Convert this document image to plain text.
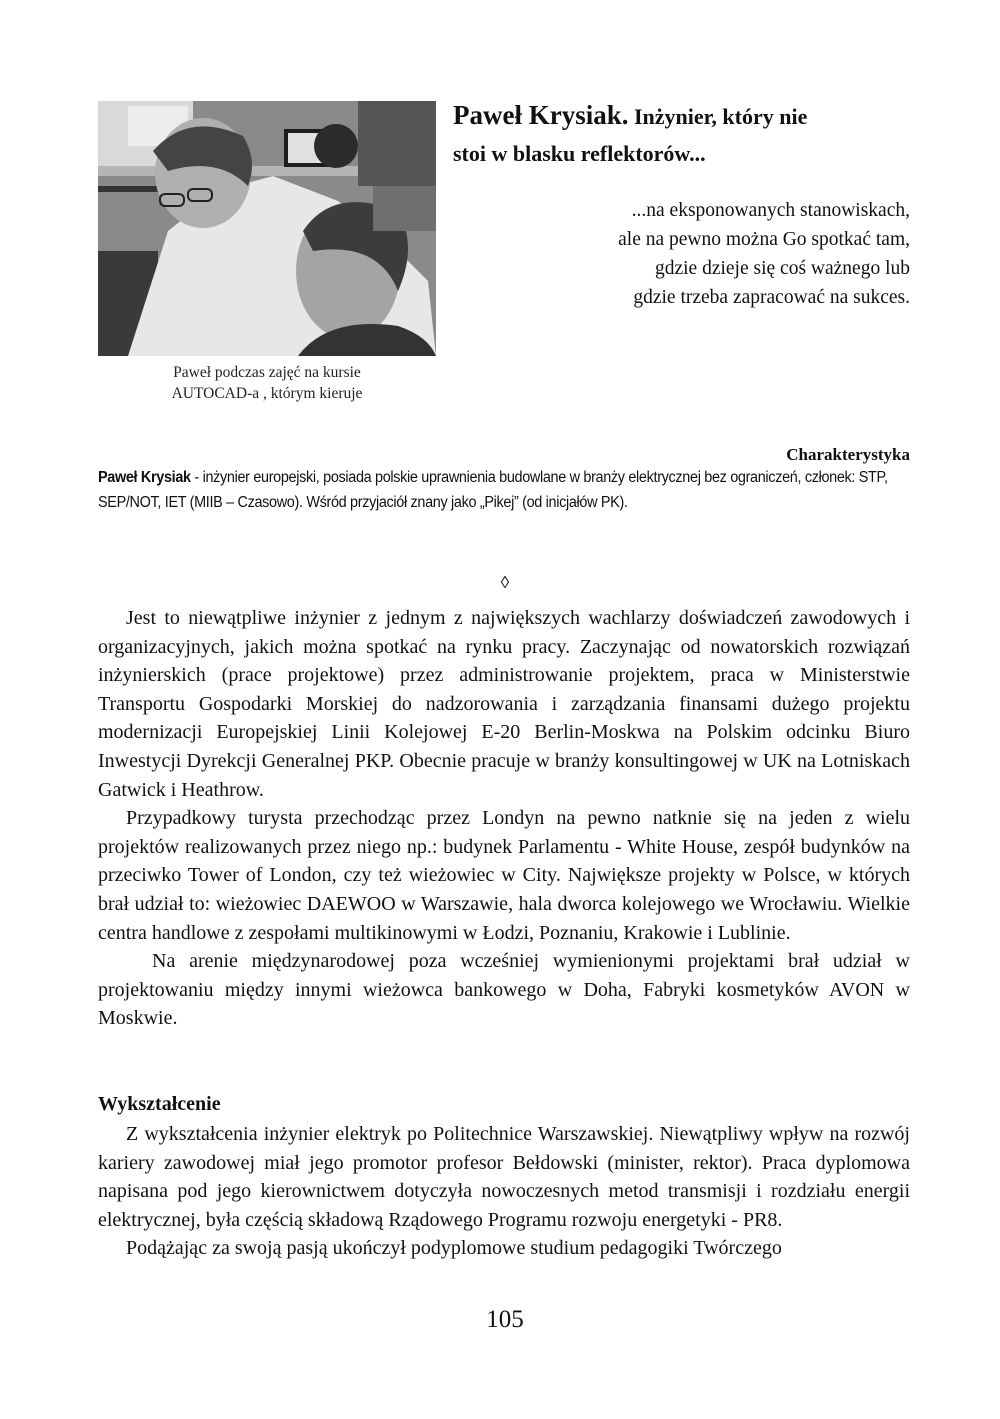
Paweł podczas zajęć na kursie
AUTOCAD-a , którym kieruje
Paweł Krysiak. Inżynier, który nie
stoi w blasku reflektorów...
...na eksponowanych stanowiskach,
ale na pewno można Go spotkać tam,
gdzie dzieje się coś ważnego lub
gdzie trzeba zapracować na sukces.
Charakterystyka
Paweł Krysiak - inżynier europejski, posiada polskie uprawnienia budowlane w branży elektrycznej bez ograniczeń, członek: STP, SEP/NOT, IET (MIIB – Czasowo). Wśród przyjaciół znany jako „Pikej” (od inicjałów PK).
◊

Jest to niewątpliwe inżynier z jednym z największych wachlarzy doświadczeń zawodowych i organizacyjnych, jakich można spotkać na rynku pracy. Zaczynając od nowatorskich rozwiązań inżynierskich (prace projektowe) przez administrowanie projektem, praca w Ministerstwie Transportu Gospodarki Morskiej do nadzorowania i zarządzania finansami dużego projektu modernizacji Europejskiej Linii Kolejowej E-20 Berlin-Moskwa na Polskim odcinku Biuro Inwestycji Dyrekcji Generalnej PKP. Obecnie pracuje w branży konsultingowej w UK na Lotniskach Gatwick i Heathrow.

Przypadkowy turysta przechodząc przez Londyn na pewno natknie się na jeden z wielu projektów realizowanych przez niego np.: budynek Parlamentu - White House, zespół budynków na przeciwko Tower of London, czy też wieżowiec w City. Największe projekty w Polsce, w których brał udział to: wieżowiec DAEWOO w Warszawie, hala dworca kolejowego we Wrocławiu. Wielkie centra handlowe z zespołami multikinowymi w Łodzi, Poznaniu, Krakowie i Lublinie.

Na arenie międzynarodowej poza wcześniej wymienionymi projektami brał udział w projektowaniu między innymi wieżowca bankowego w Doha, Fabryki kosmetyków AVON w Moskwie.

Wykształcenie

Z wykształcenia inżynier elektryk po Politechnice Warszawskiej. Niewątpliwy wpływ na rozwój kariery zawodowej miał jego promotor profesor Bełdowski (minister, rektor). Praca dyplomowa napisana pod jego kierownictwem dotyczyła nowoczesnych metod transmisji i rozdziału energii elektrycznej, była częścią składową Rządowego Programu rozwoju energetyki - PR8.

Podążając za swoją pasją ukończył podyplomowe studium pedagogiki Twórczego

105
